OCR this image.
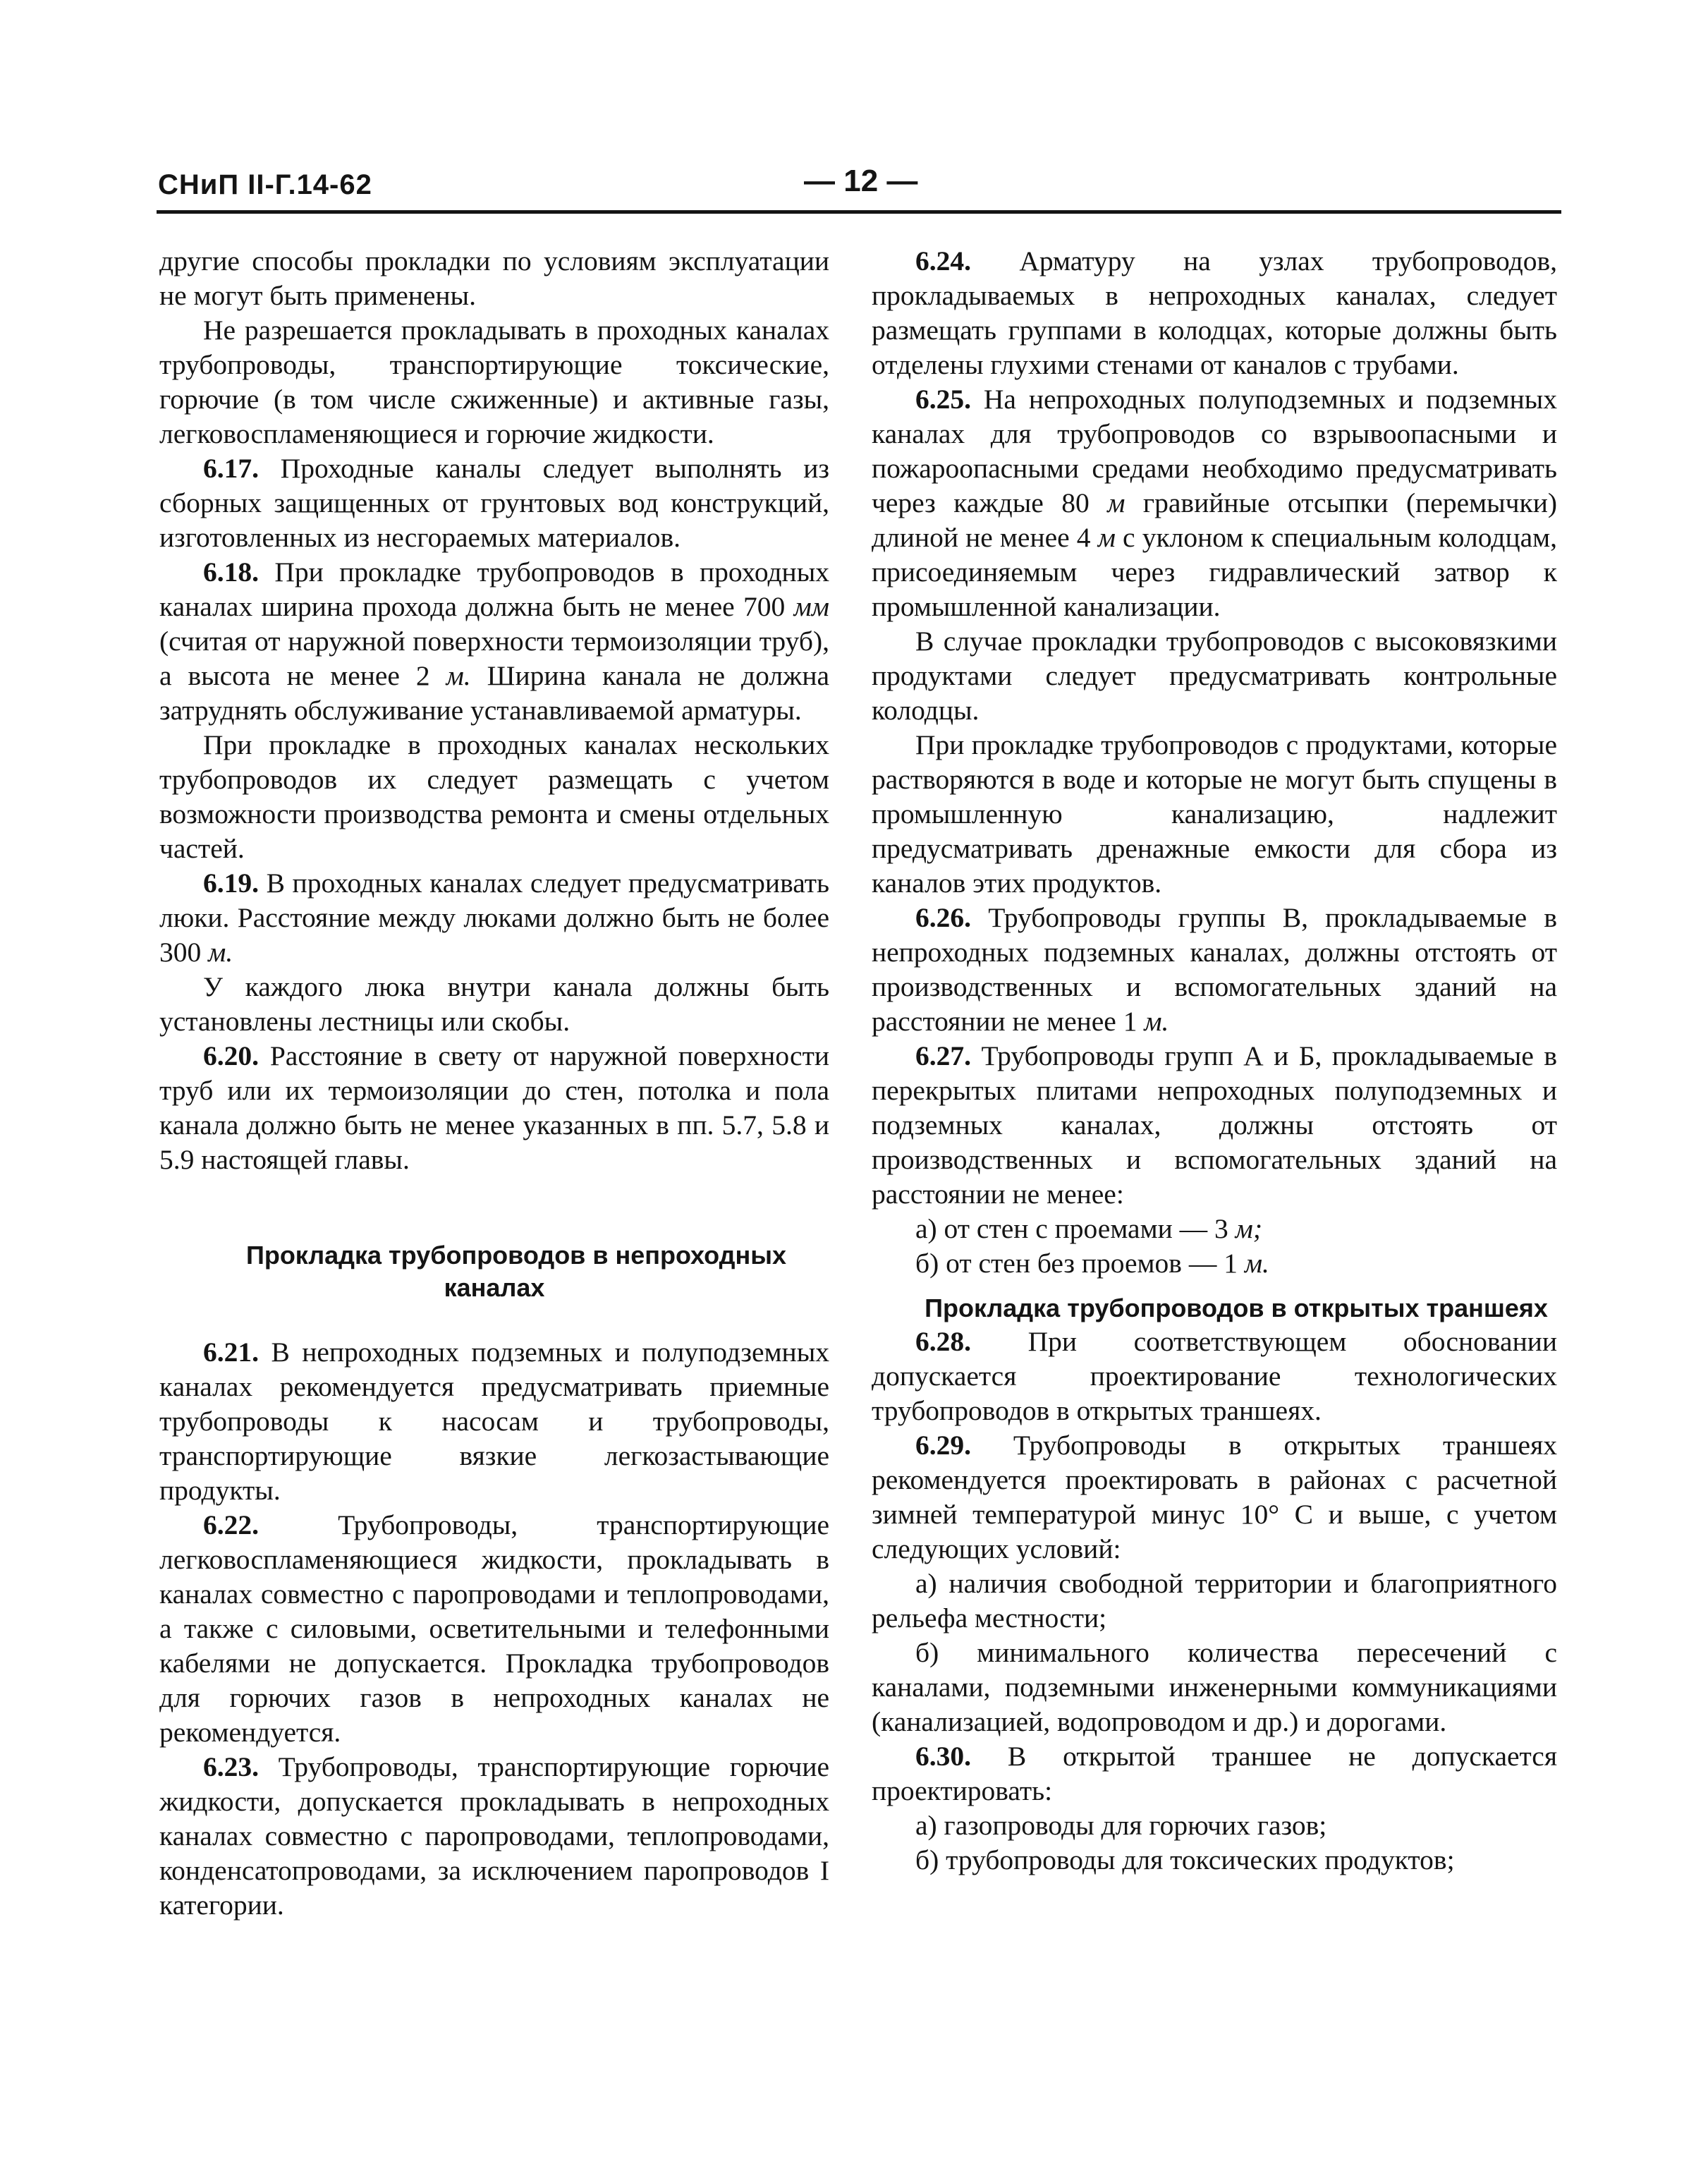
СНиП II-Г.14-62	— 12 —

другие способы прокладки по условиям эксплуатации не могут быть применены.

Не разрешается прокладывать в проходных каналах трубопроводы, транспортирующие токсические, горючие (в том числе сжиженные) и активные газы, легковоспламеняющиеся и горючие жидкости.

6.17. Проходные каналы следует выполнять из сборных защищенных от грунтовых вод конструкций, изготовленных из несгораемых материалов.

6.18. При прокладке трубопроводов в проходных каналах ширина прохода должна быть не менее 700 мм (считая от наружной поверхности термоизоляции труб), а высота не менее 2 м. Ширина канала не должна затруднять обслуживание устанавливаемой арматуры.

При прокладке в проходных каналах нескольких трубопроводов их следует размещать с учетом возможности производства ремонта и смены отдельных частей.

6.19. В проходных каналах следует предусматривать люки. Расстояние между люками должно быть не более 300 м.

У каждого люка внутри канала должны быть установлены лестницы или скобы.

6.20. Расстояние в свету от наружной поверхности труб или их термоизоляции до стен, потолка и пола канала должно быть не менее указанных в пп. 5.7, 5.8 и 5.9 настоящей главы.

Прокладка трубопроводов в непроходных каналах

6.21. В непроходных подземных и полуподземных каналах рекомендуется предусматривать приемные трубопроводы к насосам и трубопроводы, транспортирующие вязкие легкозастывающие продукты.

6.22. Трубопроводы, транспортирующие легковоспламеняющиеся жидкости, прокладывать в каналах совместно с паропроводами и теплопроводами, а также с силовыми, осветительными и телефонными кабелями не допускается. Прокладка трубопроводов для горючих газов в непроходных каналах не рекомендуется.

6.23. Трубопроводы, транспортирующие горючие жидкости, допускается прокладывать в непроходных каналах совместно с паропроводами, теплопроводами, конденсатопроводами, за исключением паропроводов I категории.

6.24. Арматуру на узлах трубопроводов, прокладываемых в непроходных каналах, следует размещать группами в колодцах, которые должны быть отделены глухими стенами от каналов с трубами.

6.25. На непроходных полуподземных и подземных каналах для трубопроводов со взрывоопасными и пожароопасными средами необходимо предусматривать через каждые 80 м гравийные отсыпки (перемычки) длиной не менее 4 м с уклоном к специальным колодцам, присоединяемым через гидравлический затвор к промышленной канализации.

В случае прокладки трубопроводов с высоковязкими продуктами следует предусматривать контрольные колодцы.

При прокладке трубопроводов с продуктами, которые растворяются в воде и которые не могут быть спущены в промышленную канализацию, надлежит предусматривать дренажные емкости для сбора из каналов этих продуктов.

6.26. Трубопроводы группы В, прокладываемые в непроходных подземных каналах, должны отстоять от производственных и вспомогательных зданий на расстоянии не менее 1 м.

6.27. Трубопроводы групп А и Б, прокладываемые в перекрытых плитами непроходных полуподземных и подземных каналах, должны отстоять от производственных и вспомогательных зданий на расстоянии не менее:

а) от стен с проемами — 3 м;

б) от стен без проемов — 1 м.

Прокладка трубопроводов в открытых траншеях

6.28. При соответствующем обосновании допускается проектирование технологических трубопроводов в открытых траншеях.

6.29. Трубопроводы в открытых траншеях рекомендуется проектировать в районах с расчетной зимней температурой минус 10° С и выше, с учетом следующих условий:

а) наличия свободной территории и благоприятного рельефа местности;

б) минимального количества пересечений с каналами, подземными инженерными коммуникациями (канализацией, водопроводом и др.) и дорогами.

6.30. В открытой траншее не допускается проектировать:

а) газопроводы для горючих газов;

б) трубопроводы для токсических продуктов;
